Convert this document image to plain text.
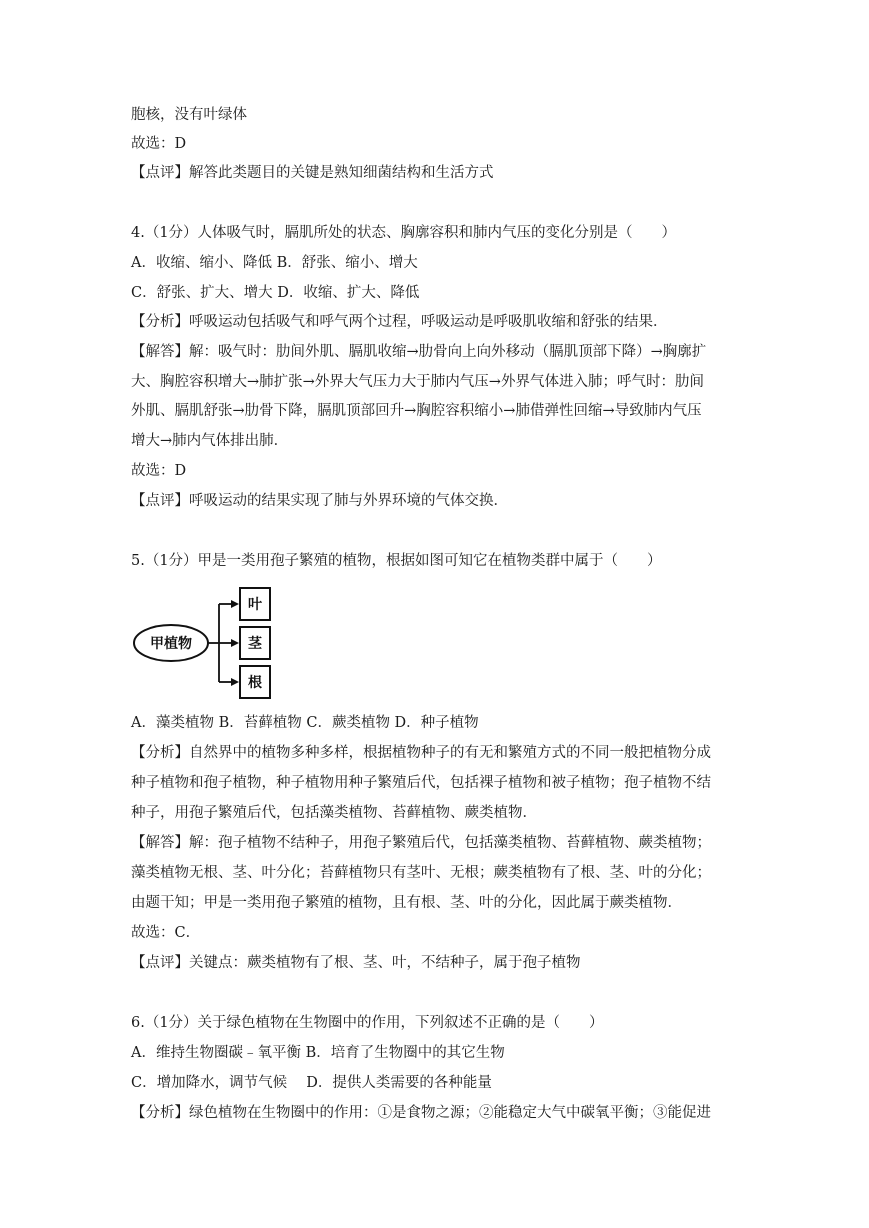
胞核，没有叶绿体
故选：D
【点评】解答此类题目的关键是熟知细菌结构和生活方式
4.（1分）人体吸气时，膈肌所处的状态、胸廓容积和肺内气压的变化分别是（　　）
A．收缩、缩小、降低 B．舒张、缩小、增大
C．舒张、扩大、增大 D．收缩、扩大、降低
【分析】呼吸运动包括吸气和呼气两个过程，呼吸运动是呼吸肌收缩和舒张的结果．
【解答】解：吸气时：肋间外肌、膈肌收缩→肋骨向上向外移动（膈肌顶部下降）→胸廓扩
大、胸腔容积增大→肺扩张→外界大气压力大于肺内气压→外界气体进入肺；呼气时：肋间
外肌、膈肌舒张→肋骨下降，膈肌顶部回升→胸腔容积缩小→肺借弹性回缩→导致肺内气压
增大→肺内气体排出肺．
故选：D
【点评】呼吸运动的结果实现了肺与外界环境的气体交换．
5.（1分）甲是一类用孢子繁殖的植物，根据如图可知它在植物类群中属于（　　）
甲植物
叶
茎
根
A．藻类植物 B．苔藓植物 C．蕨类植物 D．种子植物
【分析】自然界中的植物多种多样，根据植物种子的有无和繁殖方式的不同一般把植物分成
种子植物和孢子植物，种子植物用种子繁殖后代，包括裸子植物和被子植物；孢子植物不结
种子，用孢子繁殖后代，包括藻类植物、苔藓植物、蕨类植物．
【解答】解：孢子植物不结种子，用孢子繁殖后代，包括藻类植物、苔藓植物、蕨类植物；
藻类植物无根、茎、叶分化；苔藓植物只有茎叶、无根；蕨类植物有了根、茎、叶的分化；
由题干知；甲是一类用孢子繁殖的植物，且有根、茎、叶的分化，因此属于蕨类植物．
故选：C．
【点评】关键点：蕨类植物有了根、茎、叶，不结种子，属于孢子植物
6.（1分）关于绿色植物在生物圈中的作用，下列叙述不正确的是（　　）
A．维持生物圈碳﹣氧平衡 B．培育了生物圈中的其它生物
C．增加降水，调节气候　 D．提供人类需要的各种能量
【分析】绿色植物在生物圈中的作用：①是食物之源；②能稳定大气中碳氧平衡；③能促进
